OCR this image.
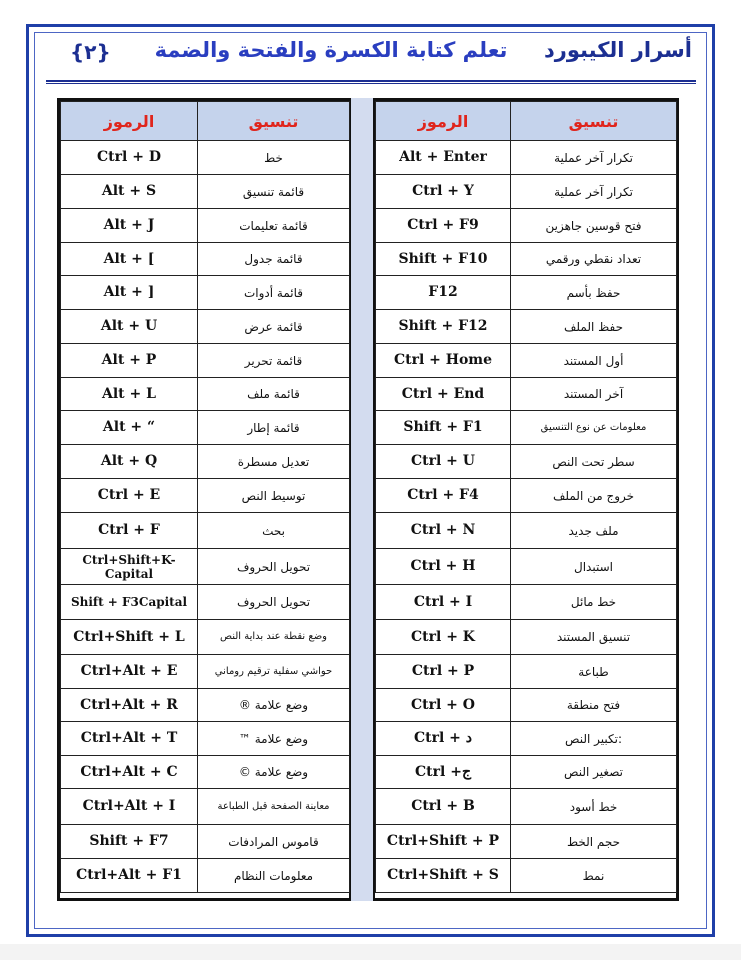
أسرار الكيبورد     تعلم كتابة الكسرة والفتحة والضمة
{٢}
الرموز	تنسيق
Ctrl + D	خط
Alt + S	قائمة تنسيق
Alt + J	قائمة تعليمات
Alt + [	قائمة جدول
Alt + ]	قائمة أدوات
Alt + U	قائمة عرض
Alt + P	قائمة تحرير
Alt + L	قائمة ملف
Alt + “	قائمة إطار
Alt + Q	تعديل مسطرة
Ctrl + E	توسيط النص
Ctrl + F	بحث
Ctrl+Shift+K-Capital	تحويل الحروف
Shift + F3Capital	تحويل الحروف
Ctrl+Shift + L	وضع نقطة عند بداية النص
Ctrl+Alt + E	حواشي سفلية ترقيم روماني
Ctrl+Alt + R	وضع علامة ®
Ctrl+Alt + T	وضع علامة ™
Ctrl+Alt + C	وضع علامة ©
Ctrl+Alt + I	معاينة الصفحة قبل الطباعة
Shift + F7	قاموس المرادفات
Ctrl+Alt + F1	معلومات النظام
الرموز	تنسيق
Alt + Enter	تكرار آخر عملية
Ctrl + Y	تكرار آخر عملية
Ctrl + F9	فتح قوسين جاهزين
Shift + F10	تعداد نقطي ورقمي
F12	حفظ بأسم
Shift + F12	حفظ الملف
Ctrl + Home	أول المستند
Ctrl + End	آخر المستند
Shift + F1	معلومات عن نوع التنسيق
Ctrl + U	سطر تحت النص
Ctrl + F4	خروج من الملف
Ctrl + N	ملف جديد
Ctrl + H	استبدال
Ctrl + I	خط مائل
Ctrl + K	تنسيق المستند
Ctrl + P	طباعة
Ctrl + O	فتح منطقة
Ctrl + د	:تكبير النص
Ctrl +ج	تصغير النص
Ctrl + B	خط أسود
Ctrl+Shift + P	حجم الخط
Ctrl+Shift + S	نمط
